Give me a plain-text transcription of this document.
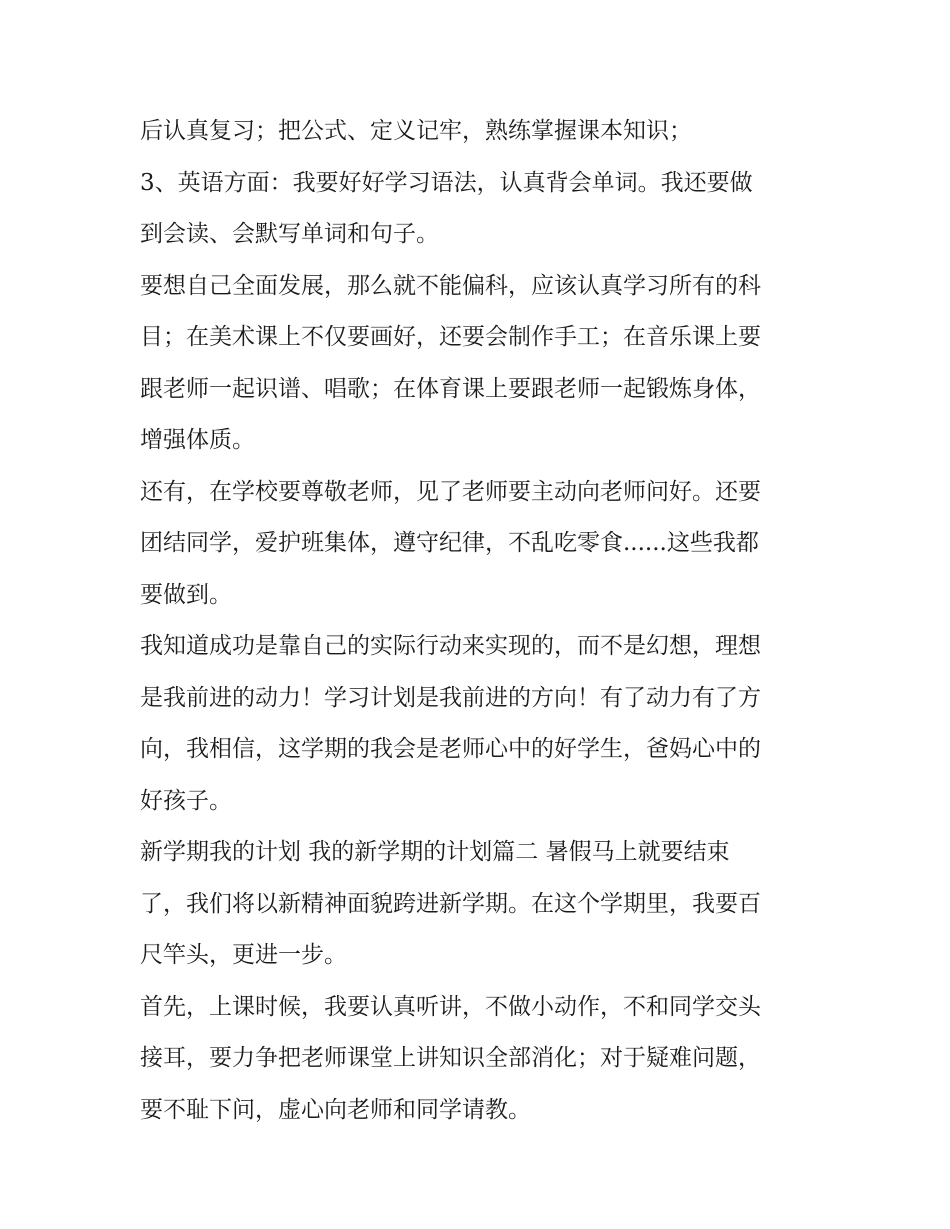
后认真复习；把公式、定义记牢，熟练掌握课本知识；
3、英语方面：我要好好学习语法，认真背会单词。我还要做
到会读、会默写单词和句子。
要想自己全面发展，那么就不能偏科，应该认真学习所有的科
目；在美术课上不仅要画好，还要会制作手工；在音乐课上要
跟老师一起识谱、唱歌；在体育课上要跟老师一起锻炼身体，
增强体质。
还有，在学校要尊敬老师，见了老师要主动向老师问好。还要
团结同学，爱护班集体，遵守纪律，不乱吃零食......这些我都
要做到。
我知道成功是靠自己的实际行动来实现的，而不是幻想，理想
是我前进的动力！学习计划是我前进的方向！有了动力有了方
向，我相信，这学期的我会是老师心中的好学生，爸妈心中的
好孩子。
新学期我的计划 我的新学期的计划篇二 暑假马上就要结束
了，我们将以新精神面貌跨进新学期。在这个学期里，我要百
尺竿头，更进一步。
首先，上课时候，我要认真听讲，不做小动作，不和同学交头
接耳，要力争把老师课堂上讲知识全部消化；对于疑难问题，
要不耻下问，虚心向老师和同学请教。
